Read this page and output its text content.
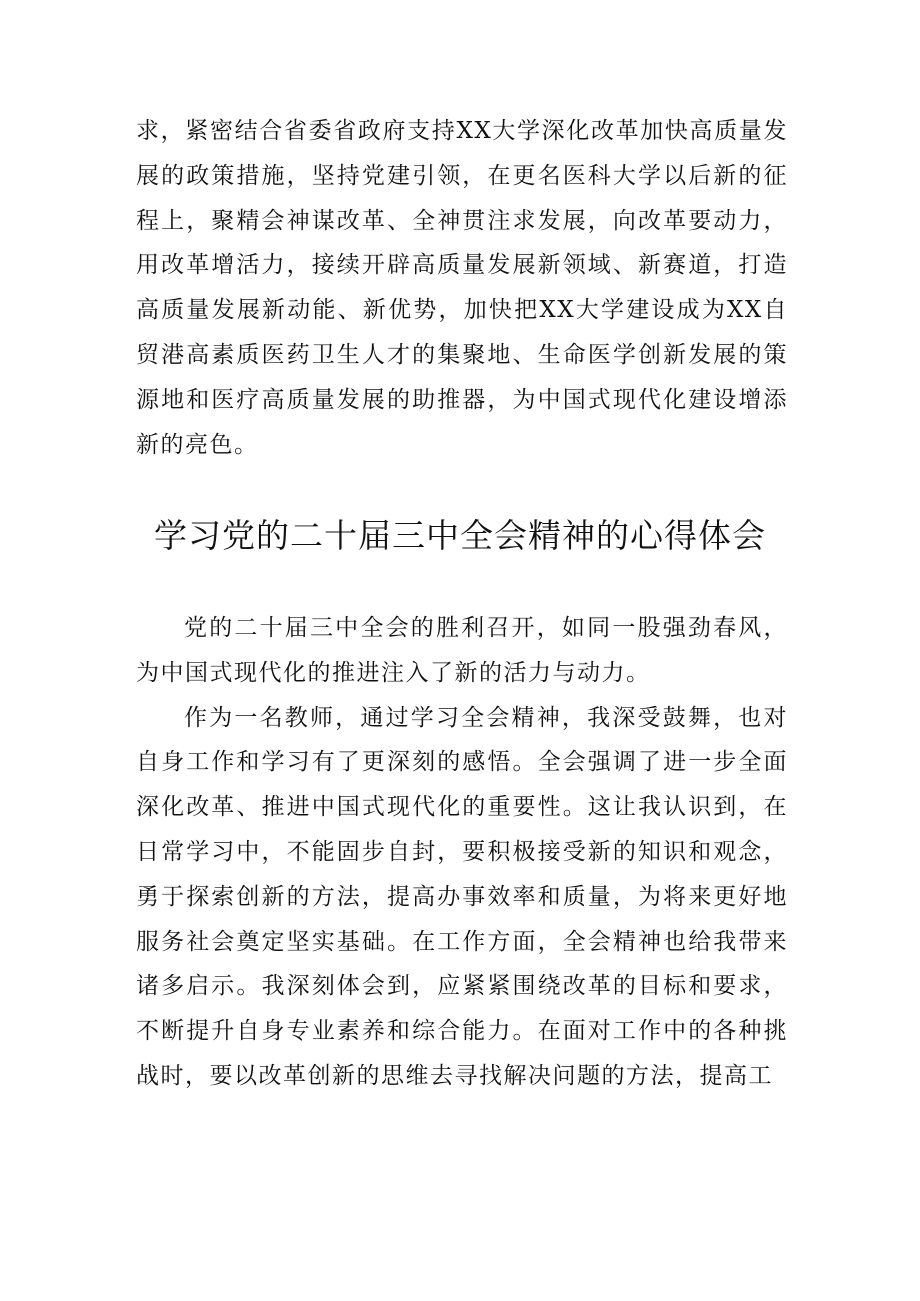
求，紧密结合省委省政府支持XX大学深化改革加快高质量发展的政策措施，坚持党建引领，在更名医科大学以后新的征程上，聚精会神谋改革、全神贯注求发展，向改革要动力，用改革增活力，接续开辟高质量发展新领域、新赛道，打造高质量发展新动能、新优势，加快把XX大学建设成为XX自贸港高素质医药卫生人才的集聚地、生命医学创新发展的策源地和医疗高质量发展的助推器，为中国式现代化建设增添新的亮色。

学习党的二十届三中全会精神的心得体会

党的二十届三中全会的胜利召开，如同一股强劲春风，为中国式现代化的推进注入了新的活力与动力。

作为一名教师，通过学习全会精神，我深受鼓舞，也对自身工作和学习有了更深刻的感悟。全会强调了进一步全面深化改革、推进中国式现代化的重要性。这让我认识到，在日常学习中，不能固步自封，要积极接受新的知识和观念，勇于探索创新的方法，提高办事效率和质量，为将来更好地服务社会奠定坚实基础。在工作方面，全会精神也给我带来诸多启示。我深刻体会到，应紧紧围绕改革的目标和要求，不断提升自身专业素养和综合能力。在面对工作中的各种挑战时，要以改革创新的思维去寻找解决问题的方法，提高工
